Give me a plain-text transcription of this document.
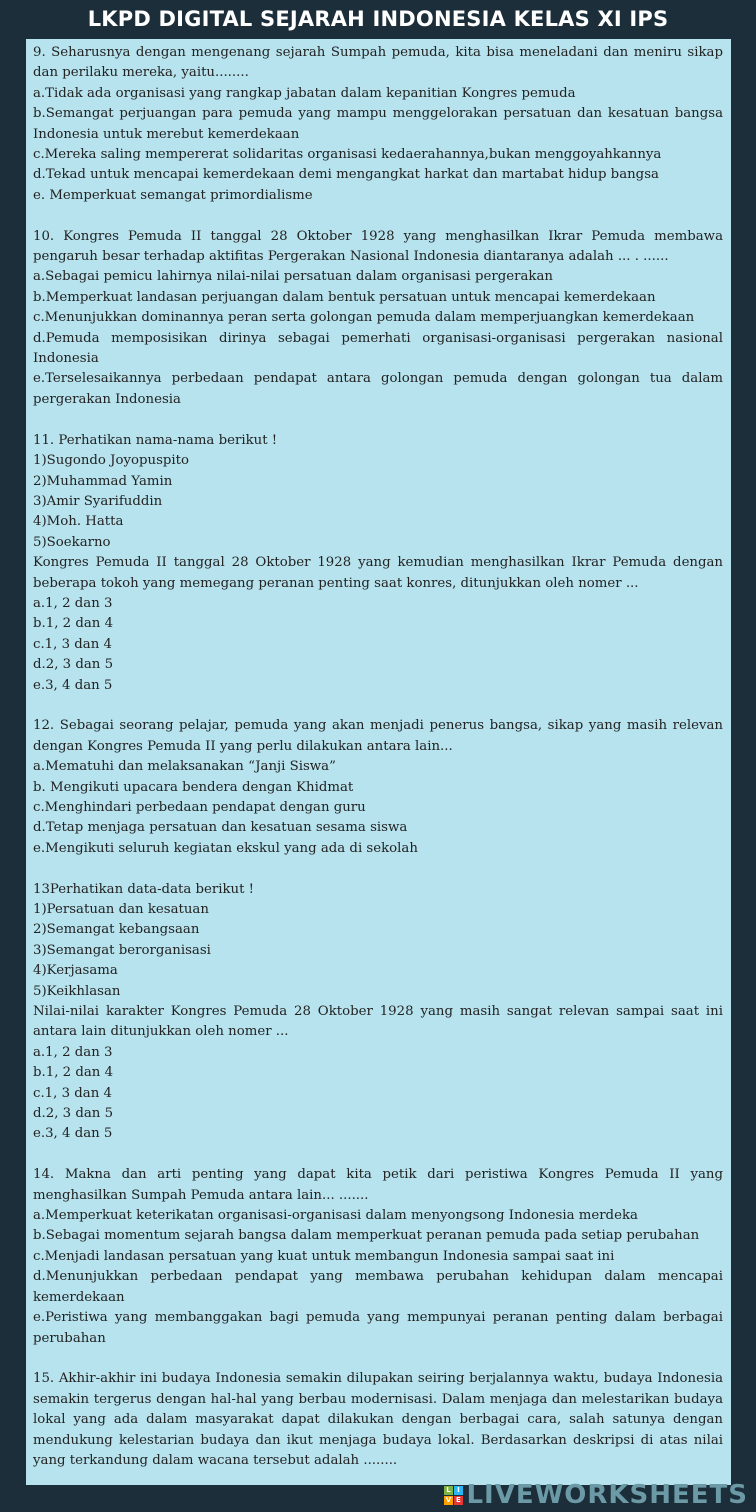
LKPD DIGITAL SEJARAH INDONESIA KELAS XI IPS

9. Seharusnya dengan mengenang sejarah Sumpah pemuda, kita bisa meneladani dan meniru sikap dan perilaku mereka, yaitu........

a.Tidak ada organisasi yang rangkap jabatan dalam kepanitian Kongres pemuda

b.Semangat perjuangan para pemuda yang mampu menggelorakan persatuan dan kesatuan bangsa Indonesia untuk merebut kemerdekaan

c.Mereka saling mempererat solidaritas organisasi kedaerahannya,bukan menggoyahkannya

d.Tekad untuk mencapai kemerdekaan demi mengangkat harkat dan martabat hidup bangsa

e. Memperkuat semangat primordialisme

10. Kongres Pemuda II tanggal 28 Oktober 1928 yang menghasilkan Ikrar Pemuda membawa pengaruh besar terhadap aktifitas Pergerakan Nasional Indonesia diantaranya adalah ... . ......

a.Sebagai pemicu lahirnya nilai-nilai persatuan dalam organisasi pergerakan

b.Memperkuat landasan perjuangan dalam bentuk persatuan untuk mencapai kemerdekaan

c.Menunjukkan dominannya peran serta golongan pemuda dalam memperjuangkan kemerdekaan

d.Pemuda memposisikan dirinya sebagai pemerhati organisasi-organisasi pergerakan nasional Indonesia

e.Terselesaikannya perbedaan pendapat antara golongan pemuda dengan golongan tua dalam pergerakan Indonesia

11. Perhatikan nama-nama berikut !

1)Sugondo Joyopuspito

2)Muhammad Yamin

3)Amir Syarifuddin

4)Moh. Hatta

5)Soekarno

Kongres Pemuda II tanggal 28 Oktober 1928 yang kemudian menghasilkan Ikrar Pemuda dengan beberapa tokoh yang memegang peranan penting saat konres, ditunjukkan oleh nomer ...

a.1, 2 dan 3

b.1, 2 dan 4

c.1, 3 dan 4

d.2, 3 dan 5

e.3, 4 dan 5

12. Sebagai seorang pelajar, pemuda yang akan menjadi penerus bangsa, sikap yang masih relevan dengan Kongres Pemuda II yang perlu dilakukan antara lain...

a.Mematuhi dan melaksanakan “Janji Siswa”

b. Mengikuti upacara bendera dengan Khidmat

c.Menghindari perbedaan pendapat dengan guru

d.Tetap menjaga persatuan dan kesatuan sesama siswa

e.Mengikuti seluruh kegiatan ekskul yang ada di sekolah

13Perhatikan data-data berikut !

1)Persatuan dan kesatuan

2)Semangat kebangsaan

3)Semangat berorganisasi

4)Kerjasama

5)Keikhlasan

Nilai-nilai karakter Kongres Pemuda 28 Oktober 1928 yang masih sangat relevan sampai saat ini antara lain ditunjukkan oleh nomer ...

a.1, 2 dan 3

b.1, 2 dan 4

c.1, 3 dan 4

d.2, 3 dan 5

e.3, 4 dan 5

14. Makna dan arti penting yang dapat kita petik dari peristiwa Kongres Pemuda II yang menghasilkan Sumpah Pemuda antara lain... .......

a.Memperkuat keterikatan organisasi-organisasi dalam menyongsong Indonesia merdeka

b.Sebagai momentum sejarah bangsa dalam memperkuat peranan pemuda pada setiap perubahan

c.Menjadi landasan persatuan yang kuat untuk membangun Indonesia sampai saat ini

d.Menunjukkan perbedaan pendapat yang membawa perubahan kehidupan dalam mencapai kemerdekaan

e.Peristiwa yang membanggakan bagi pemuda yang mempunyai peranan penting dalam berbagai perubahan

15. Akhir-akhir ini budaya Indonesia semakin dilupakan seiring berjalannya waktu, budaya Indonesia semakin tergerus dengan hal-hal yang berbau modernisasi. Dalam menjaga dan melestarikan budaya lokal yang ada dalam masyarakat dapat dilakukan dengan berbagai cara, salah satunya dengan mendukung kelestarian budaya dan ikut menjaga budaya lokal. Berdasarkan deskripsi di atas nilai yang terkandung dalam wacana tersebut adalah ........

L I
V E LIVEWORKSHEETS
